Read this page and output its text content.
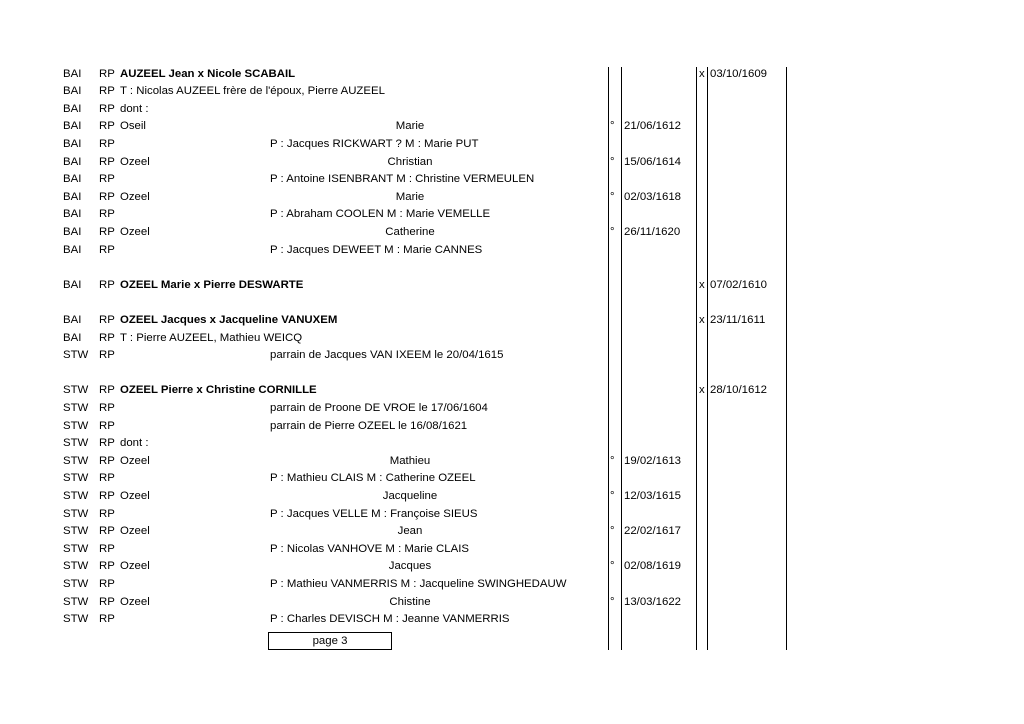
BAI RP AUZEEL Jean x Nicole SCABAIL	x 03/10/1609
BAI RP T : Nicolas AUZEEL frère de l'époux, Pierre AUZEEL
BAI RP dont :
BAI RP Oseil	Marie	° 21/06/1612
BAI RP	P : Jacques RICKWART ? M : Marie PUT
BAI RP Ozeel	Christian	° 15/06/1614
BAI RP	P : Antoine ISENBRANT M : Christine VERMEULEN
BAI RP Ozeel	Marie	° 02/03/1618
BAI RP	P : Abraham COOLEN M : Marie VEMELLE
BAI RP Ozeel	Catherine	° 26/11/1620
BAI RP	P : Jacques DEWEET M : Marie CANNES
BAI RP OZEEL Marie x Pierre DESWARTE	x 07/02/1610
BAI RP OZEEL Jacques x Jacqueline VANUXEM	x 23/11/1611
BAI RP T : Pierre AUZEEL, Mathieu WEICQ
STW RP	parrain de Jacques VAN IXEEM le 20/04/1615
STW RP OZEEL Pierre x Christine CORNILLE	x 28/10/1612
STW RP	parrain de Proone DE VROE le 17/06/1604
STW RP	parrain de Pierre OZEEL le 16/08/1621
STW RP dont :
STW RP Ozeel	Mathieu	° 19/02/1613
STW RP	P : Mathieu CLAIS M : Catherine OZEEL
STW RP Ozeel	Jacqueline	° 12/03/1615
STW RP	P : Jacques VELLE M : Françoise SIEUS
STW RP Ozeel	Jean	° 22/02/1617
STW RP	P : Nicolas VANHOVE M : Marie CLAIS
STW RP Ozeel	Jacques	° 02/08/1619
STW RP	P : Mathieu VANMERRIS M : Jacqueline SWINGHEDAUW
STW RP Ozeel	Chistine	° 13/03/1622
STW RP	P : Charles DEVISCH M : Jeanne VANMERRIS
page 3
